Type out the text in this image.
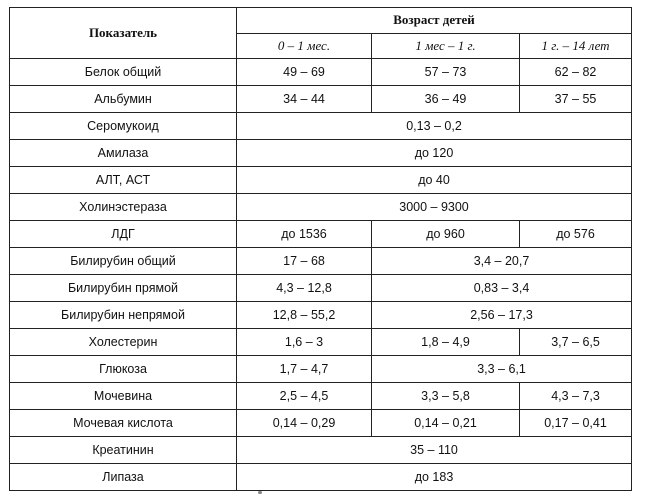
Показатель	Возраст детей		
	0 – 1 мес.	1 мес – 1 г.	1 г. – 14 лет
Белок общий	49 – 69	57 – 73	62 – 82
Альбумин	34 – 44	36 – 49	37 – 55
Серомукоид	0,13 – 0,2		
Амилаза	до 120		
АЛТ, АСТ	до 40		
Холинэстераза	3000 – 9300		
ЛДГ	до 1536	до 960	до 576
Билирубин общий	17 – 68	3,4 – 20,7	
Билирубин прямой	4,3 – 12,8	0,83 – 3,4	
Билирубин непрямой	12,8 – 55,2	2,56 – 17,3	
Холестерин	1,6 – 3	1,8 – 4,9	3,7 – 6,5
Глюкоза	1,7 – 4,7	3,3 – 6,1	
Мочевина	2,5 – 4,5	3,3 – 5,8	4,3 – 7,3
Мочевая кислота	0,14 – 0,29	0,14 – 0,21	0,17 – 0,41
Креатинин	35 – 110		
Липаза	до 183		
